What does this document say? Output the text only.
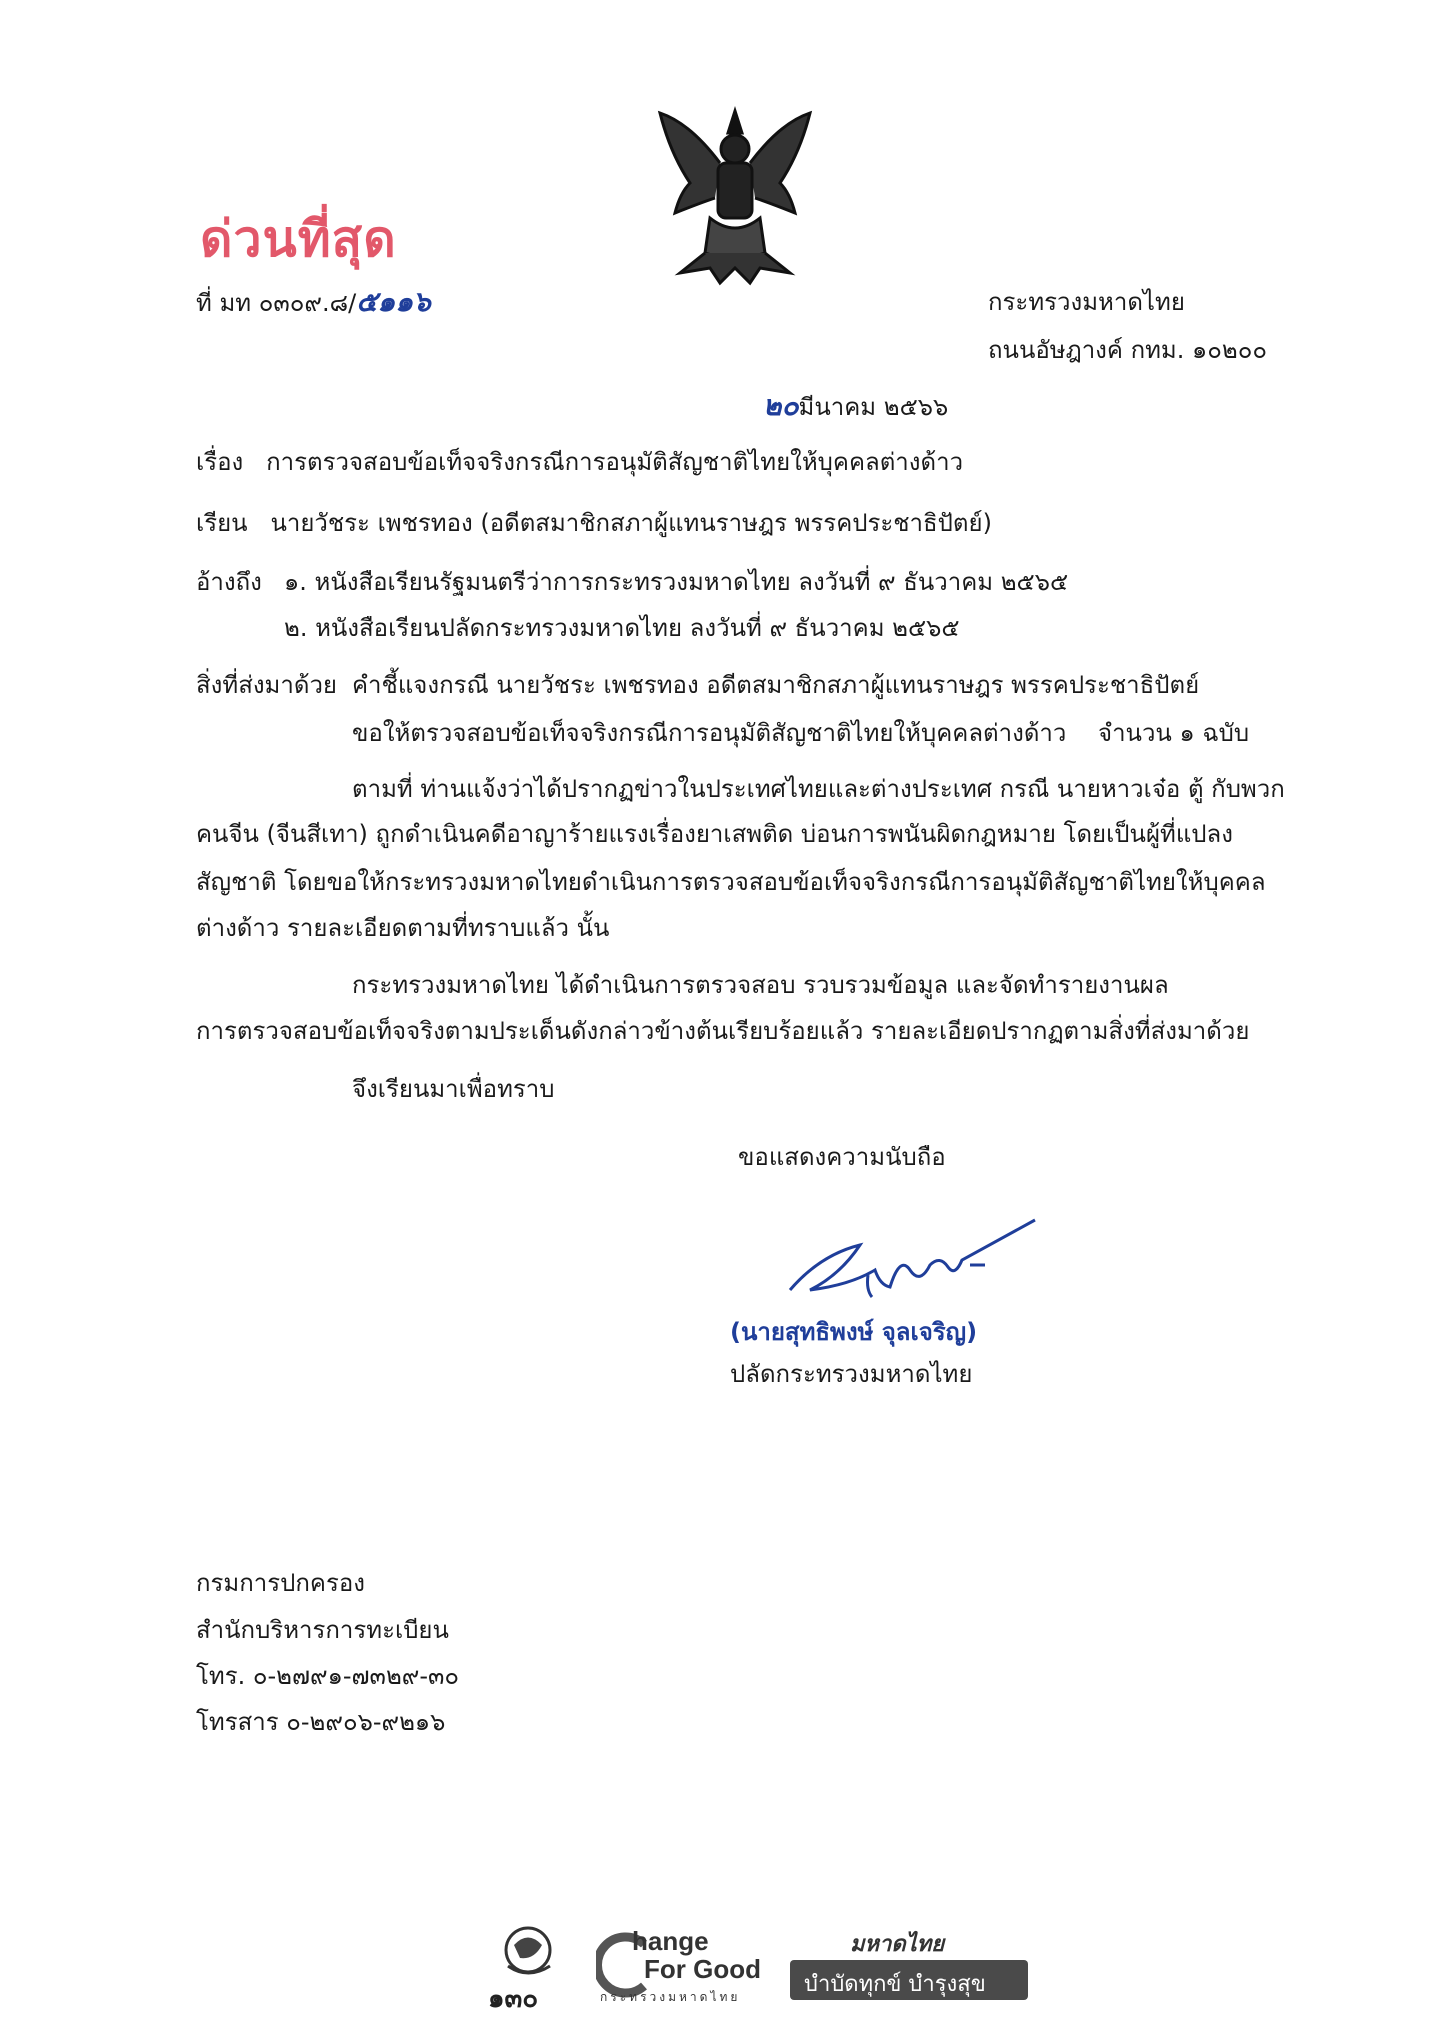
ด่วนที่สุด
ที่ มท ๐๓๐๙.๘/๕๑๑๖	กระทรวงมหาดไทย
ถนนอัษฎางค์ กทม. ๑๐๒๐๐
๒๐มีนาคม ๒๕๖๖
เรื่อง การตรวจสอบข้อเท็จจริงกรณีการอนุมัติสัญชาติไทยให้บุคคลต่างด้าว
เรียน นายวัชระ เพชรทอง (อดีตสมาชิกสภาผู้แทนราษฎร พรรคประชาธิปัตย์)
อ้างถึง ๑. หนังสือเรียนรัฐมนตรีว่าการกระทรวงมหาดไทย ลงวันที่ ๙ ธันวาคม ๒๕๖๕
๒. หนังสือเรียนปลัดกระทรวงมหาดไทย ลงวันที่ ๙ ธันวาคม ๒๕๖๕
สิ่งที่ส่งมาด้วย คำชี้แจงกรณี นายวัชระ เพชรทอง อดีตสมาชิกสภาผู้แทนราษฎร พรรคประชาธิปัตย์
ขอให้ตรวจสอบข้อเท็จจริงกรณีการอนุมัติสัญชาติไทยให้บุคคลต่างด้าว จำนวน ๑ ฉบับ
ตามที่ ท่านแจ้งว่าได้ปรากฏข่าวในประเทศไทยและต่างประเทศ กรณี นายหาวเจ๋อ ตู้ กับพวก
คนจีน (จีนสีเทา) ถูกดำเนินคดีอาญาร้ายแรงเรื่องยาเสพติด บ่อนการพนันผิดกฎหมาย โดยเป็นผู้ที่แปลง
สัญชาติ โดยขอให้กระทรวงมหาดไทยดำเนินการตรวจสอบข้อเท็จจริงกรณีการอนุมัติสัญชาติไทยให้บุคคล
ต่างด้าว รายละเอียดตามที่ทราบแล้ว นั้น
กระทรวงมหาดไทย ได้ดำเนินการตรวจสอบ รวบรวมข้อมูล และจัดทำรายงานผล
การตรวจสอบข้อเท็จจริงตามประเด็นดังกล่าวข้างต้นเรียบร้อยแล้ว รายละเอียดปรากฏตามสิ่งที่ส่งมาด้วย
จึงเรียนมาเพื่อทราบ
ขอแสดงความนับถือ
(นายสุทธิพงษ์ จุลเจริญ)
ปลัดกระทรวงมหาดไทย
กรมการปกครอง
สำนักบริหารการทะเบียน
โทร. ๐-๒๗๙๑-๗๓๒๙-๓๐
โทรสาร ๐-๒๙๐๖-๙๒๑๖
๑๓๐
hange
For Good
กระทรวงมหาดไทย
มหาดไทย
บำบัดทุกข์ บำรุงสุข
